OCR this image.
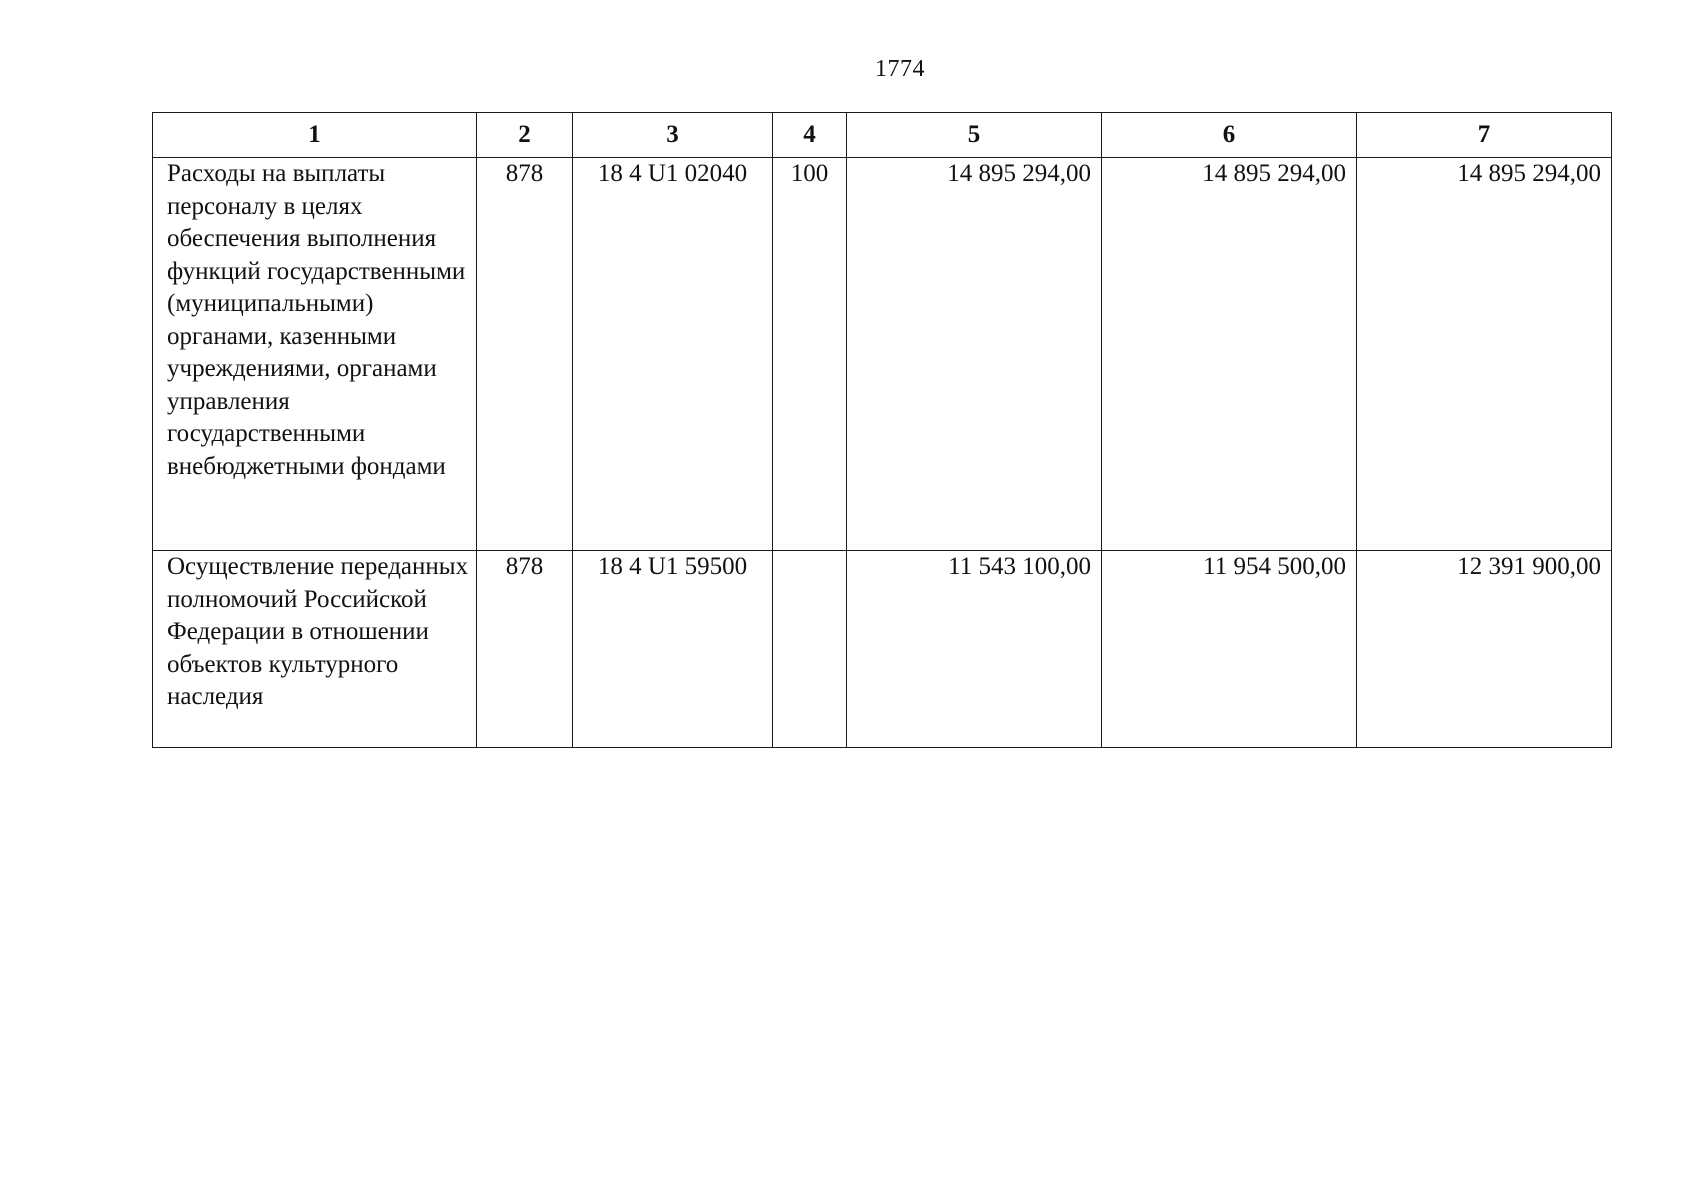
1774
1	2	3	4	5	6	7

Расходы на выплаты персоналу в целях обеспечения выполнения функций государственными (муниципальными) органами, казенными учреждениями, органами управления государственными внебюджетными фондами	878	18 4 U1 02040	100	14 895 294,00	14 895 294,00	14 895 294,00

Осуществление переданных полномочий Российской Федерации в отношении объектов культурного наследия	878	18 4 U1 59500		11 543 100,00	11 954 500,00	12 391 900,00
